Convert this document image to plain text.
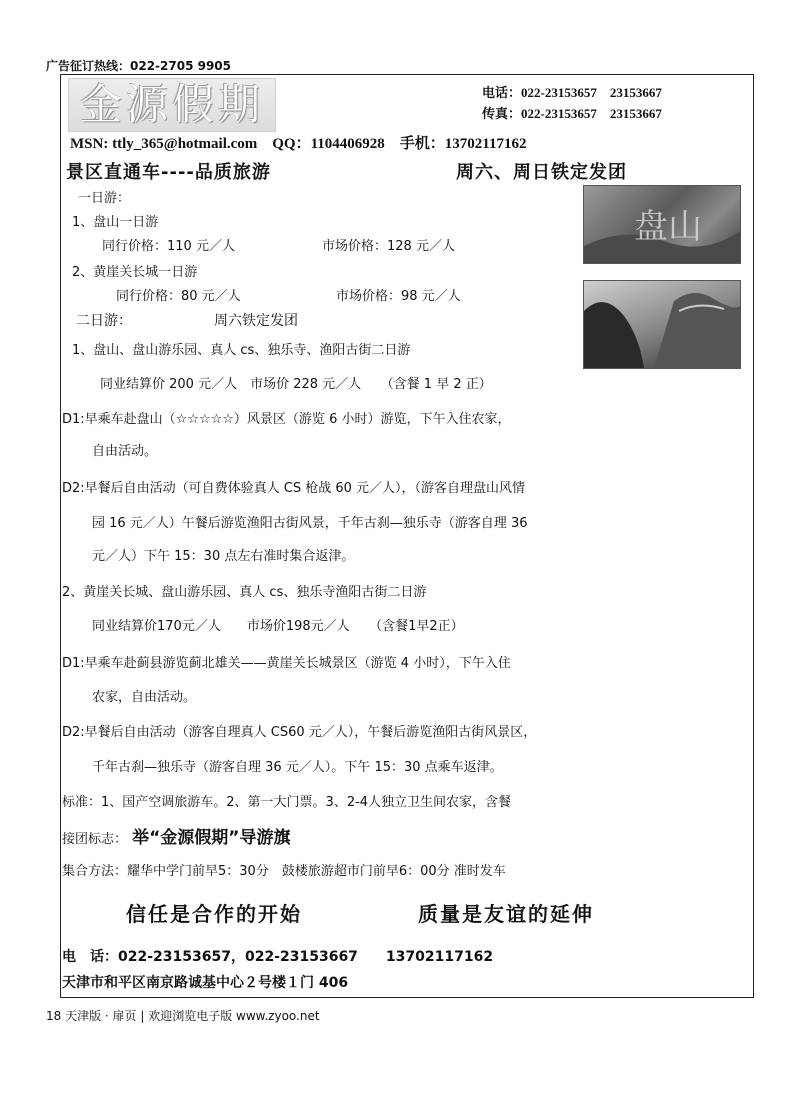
广告征订热线：022-2705 9905
金源假期	电话：022-23153657　23153667
传真：022-23153657　23153667
MSN: ttly_365@hotmail.com　QQ：1104406928　手机：13702117162
景区直通车----品质旅游	周六、周日铁定发团
盘山
一日游：
1、盘山一日游
同行价格：110 元／人	市场价格：128 元／人
2、黄崖关长城一日游
同行价格：80 元／人	市场价格：98 元／人
二日游：	周六铁定发团
1、盘山、盘山游乐园、真人 cs、独乐寺、渔阳古街二日游
同业结算价 200 元／人　市场价 228 元／人　　（含餐 1 早 2 正）
D1:早乘车赴盘山（☆☆☆☆☆）风景区（游览 6 小时）游览，下午入住农家，
自由活动。
D2:早餐后自由活动（可自费体验真人 CS 枪战 60 元／人），（游客自理盘山风情
园 16 元／人）午餐后游览渔阳古街风景，千年古刹—独乐寺（游客自理 36
元／人）下午 15：30 点左右准时集合返津。
2、黄崖关长城、盘山游乐园、真人 cs、独乐寺渔阳古街二日游
同业结算价170元／人　　市场价198元／人　　（含餐1早2正）
D1:早乘车赴蓟县游览蓟北雄关——黄崖关长城景区（游览 4 小时），下午入住
农家，自由活动。
D2:早餐后自由活动（游客自理真人 CS60 元／人），午餐后游览渔阳古街风景区，
千年古刹—独乐寺（游客自理 36 元／人）。下午 15：30 点乘车返津。
标准：1、国产空调旅游车。2、第一大门票。3、2-4人独立卫生间农家，含餐
接团标志： 举“金源假期”导游旗
集合方法：耀华中学门前早5：30分　鼓楼旅游超市门前早6：00分 准时发车
信任是合作的开始	质量是友谊的延伸
电　话：022-23153657，022-23153667　　13702117162
天津市和平区南京路诚基中心２号楼１门 406
18 天津版 · 扉页 | 欢迎浏览电子版 www.zyoo.net
